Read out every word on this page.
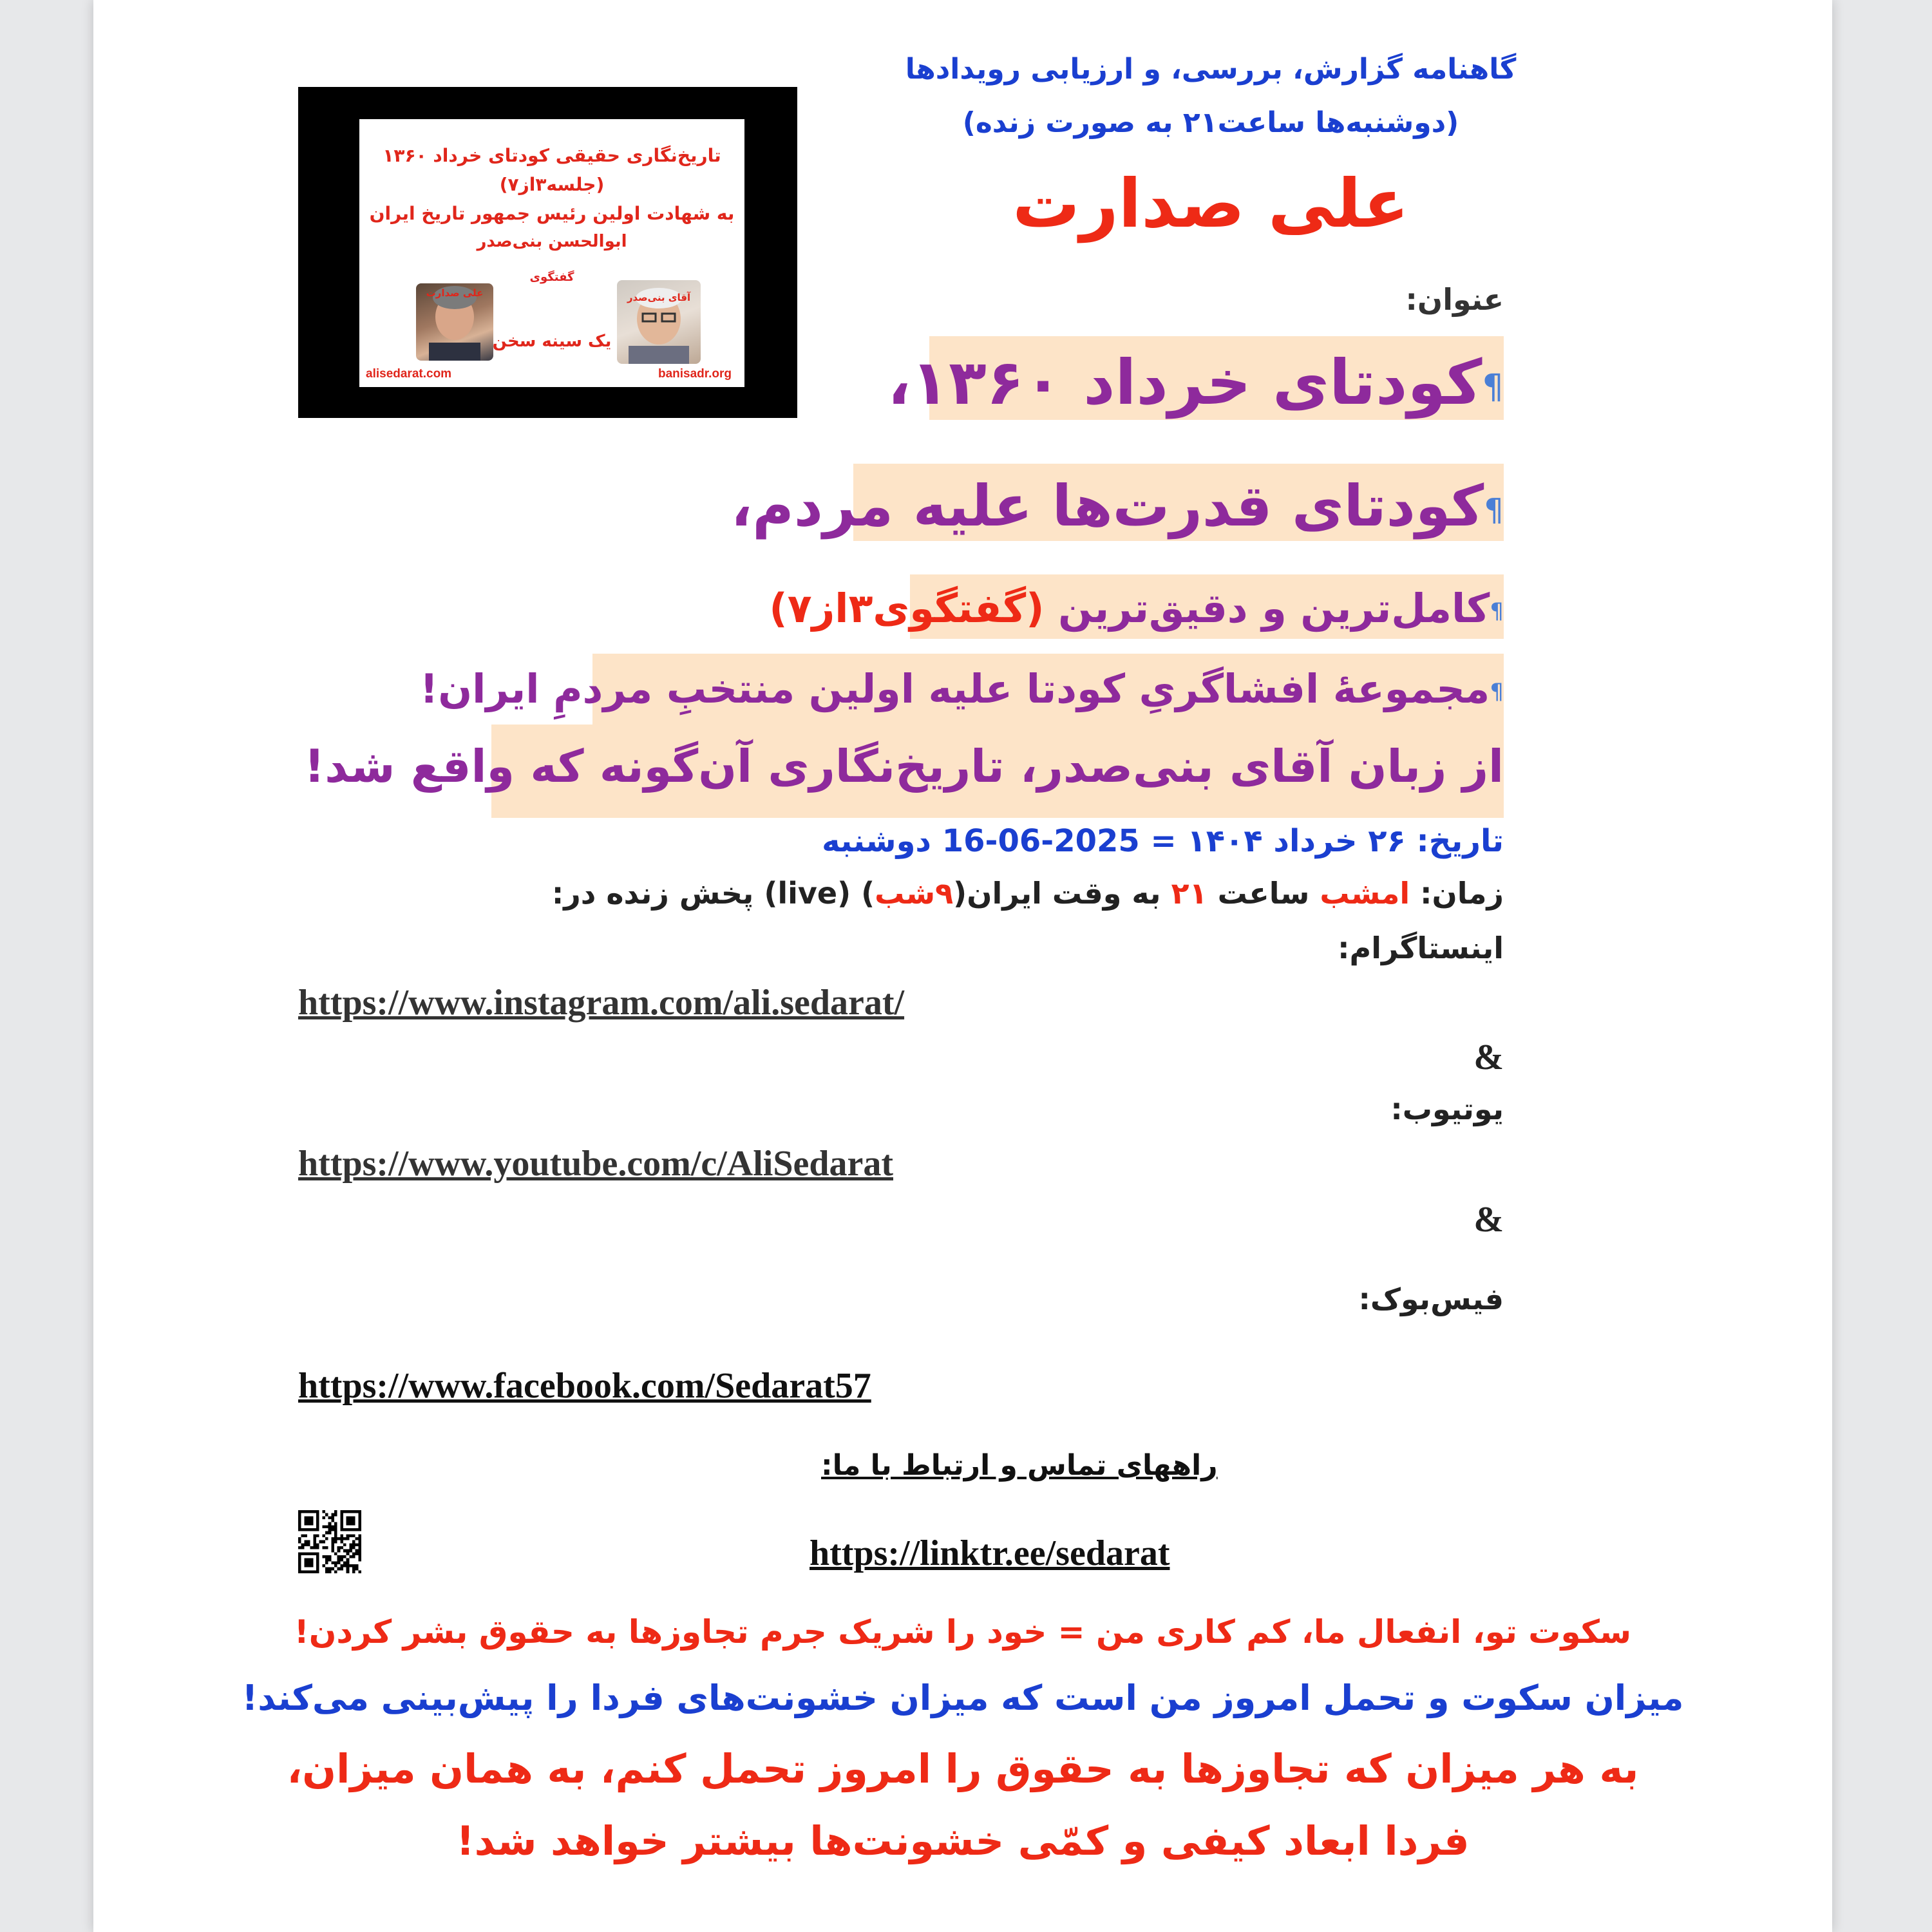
گاهنامه گزارش، بررسی، و ارزیابی رویدادها
(دوشنبه‌ها ساعت۲۱ به صورت زنده)
علی صدارت
تاریخ‌نگاری حقیقی کودتای خرداد ۱۳۶۰
(جلسه۳از۷)
به شهادت اولین رئیس جمهور تاریخ ایران
ابوالحسن بنی‌صدر
گفتگوی
علی صدارت	آقای بنی‌صدر
یک سینه سخن
alisedarat.com	banisadr.org
عنوان:
¶کودتای خرداد ۱۳۶۰،
¶کودتای قدرت‌ها علیه مردم،
¶کامل‌ترین و دقیق‌ترین (گفتگوی۳از۷)
¶مجموعهٔ افشاگریِ کودتا علیه اولین منتخبِ مردمِ ایران!
از زبان آقای بنی‌صدر، تاریخ‌نگاری آن‌گونه که واقع شد!
تاریخ: ۲۶ خرداد ۱۴۰۴ = 2025-06-16 دوشنبه
زمان: امشب ساعت ۲۱ به وقت ایران(۹شب) (live) پخش زنده در:
اینستاگرام:
https://www.instagram.com/ali.sedarat/
&
یوتیوب:
https://www.youtube.com/c/AliSedarat
&
فیس‌بوک:
https://www.facebook.com/Sedarat57
راههای تماس و ارتباط با ما:
https://linktr.ee/sedarat
سکوت تو، انفعال ما، کم کاری من = خود را شریک جرم تجاوزها به حقوق بشر کردن!
میزان سکوت و تحمل امروز من است که میزان خشونت‌های فردا را پیش‌بینی می‌کند!
به هر میزان که تجاوزها به حقوق را امروز تحمل کنم، به همان میزان،
فردا ابعاد کیفی و کمّی خشونت‌ها بیشتر خواهد شد!
